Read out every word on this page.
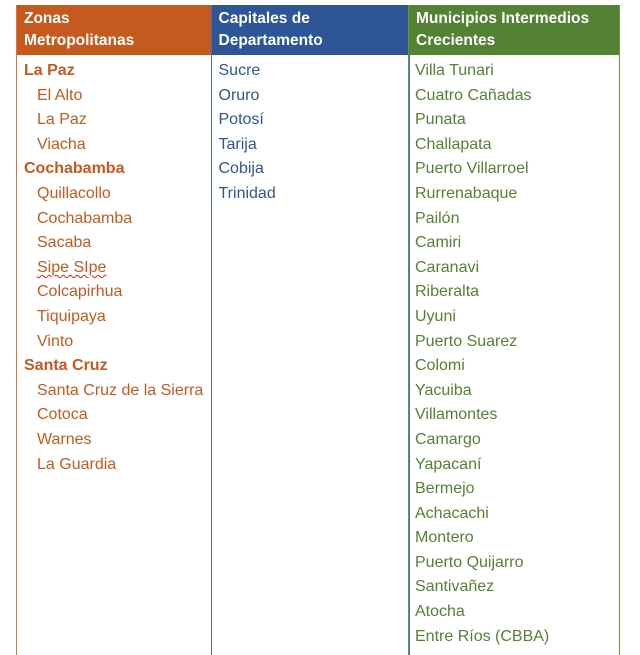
Zonas
Metropolitanas
La Paz
El Alto
La Paz
Viacha
Cochabamba
Quillacollo
Cochabamba
Sacaba
Sipe SIpe
Colcapirhua
Tiquipaya
Vinto
Santa Cruz
Santa Cruz de la Sierra
Cotoca
Warnes
La Guardia
Capitales de
Departamento
Sucre
Oruro
Potosí
Tarija
Cobija
Trinidad
Municipios Intermedios
Crecientes
Villa Tunari
Cuatro Cañadas
Punata
Challapata
Puerto Villarroel
Rurrenabaque
Pailón
Camiri
Caranavi
Riberalta
Uyuni
Puerto Suarez
Colomi
Yacuiba
Villamontes
Camargo
Yapacaní
Bermejo
Achacachi
Montero
Puerto Quijarro
Santivañez
Atocha
Entre Ríos (CBBA)
